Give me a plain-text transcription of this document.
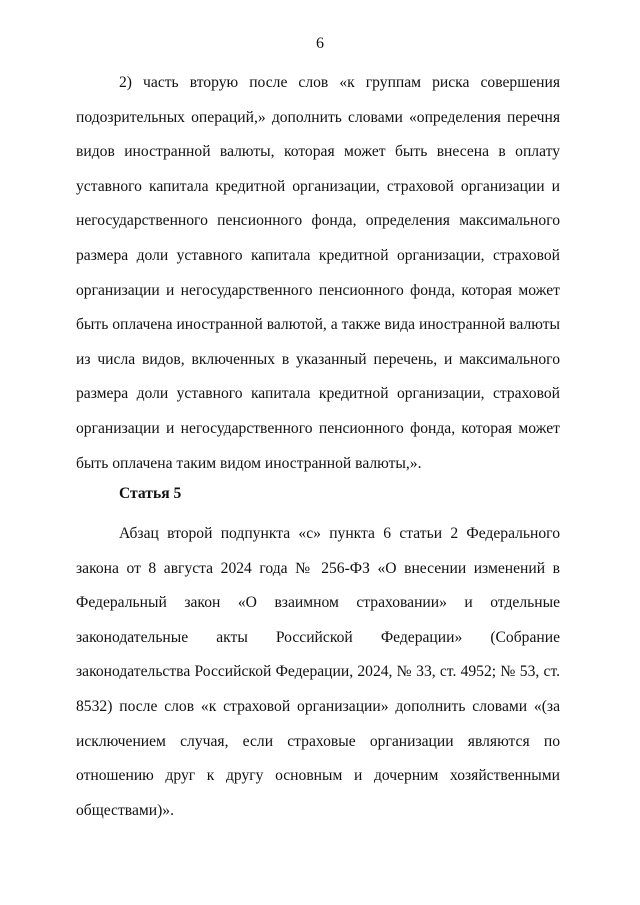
6

2) часть вторую после слов «к группам риска совершения подозрительных операций,» дополнить словами «определения перечня видов иностранной валюты, которая может быть внесена в оплату уставного капитала кредитной организации, страховой организации и негосударственного пенсионного фонда, определения максимального размера доли уставного капитала кредитной организации, страховой организации и негосударственного пенсионного фонда, которая может быть оплачена иностранной валютой, а также вида иностранной валюты из числа видов, включенных в указанный перечень, и максимального размера доли уставного капитала кредитной организации, страховой организации и негосударственного пенсионного фонда, которая может быть оплачена таким видом иностранной валюты,».

Статья 5

Абзац второй подпункта «с» пункта 6 статьи 2 Федерального закона от 8 августа 2024 года № 256-ФЗ «О внесении изменений в Федеральный закон «О взаимном страховании» и отдельные законодательные акты Российской Федерации» (Собрание законодательства Российской Федерации, 2024, № 33, ст. 4952; № 53, ст. 8532) после слов «к страховой организации» дополнить словами «(за исключением случая, если страховые организации являются по отношению друг к другу основным и дочерним хозяйственными обществами)».
